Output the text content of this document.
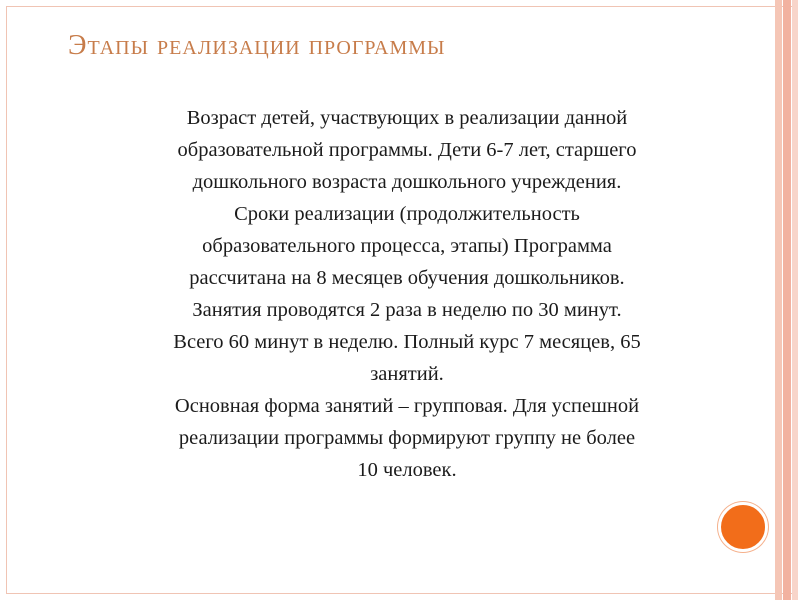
Этапы реализации программы

Возраст детей, участвующих в реализации данной
образовательной программы. Дети 6-7 лет, старшего
дошкольного возраста дошкольного учреждения.

Сроки реализации (продолжительность
образовательного процесса, этапы) Программа
рассчитана на 8 месяцев обучения дошкольников.

Занятия проводятся 2 раза в неделю по 30 минут.
Всего 60 минут в неделю. Полный курс 7 месяцев, 65
занятий.

Основная форма занятий – групповая. Для успешной
реализации программы формируют группу не более
10 человек.
